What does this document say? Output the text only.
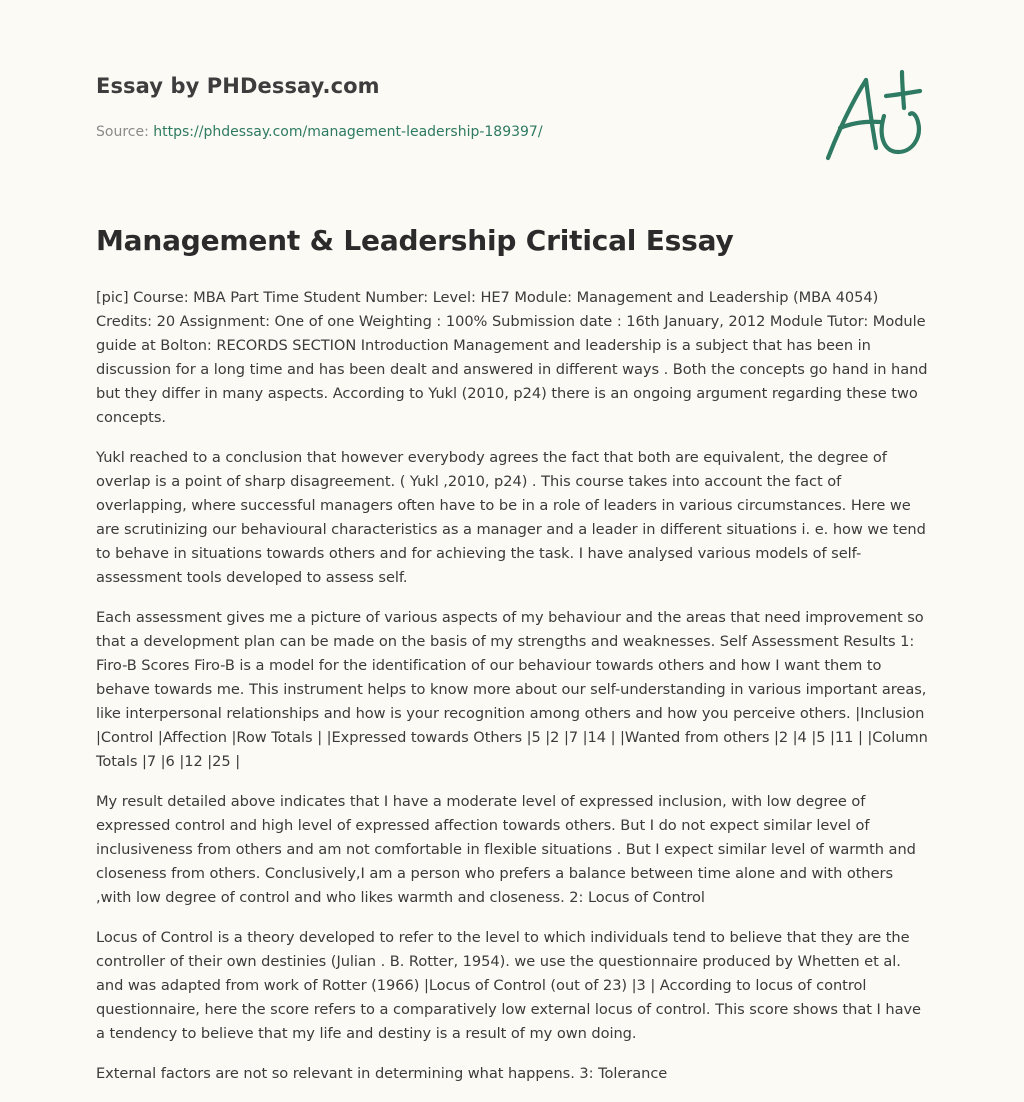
Essay by PHDessay.com
Source: https://phdessay.com/management-leadership-189397/
Management & Leadership Critical Essay

[pic] Course: MBA Part Time Student Number: Level: HE7 Module: Management and Leadership (MBA 4054) Credits: 20 Assignment: One of one Weighting : 100% Submission date : 16th January, 2012 Module Tutor: Module guide at Bolton: RECORDS SECTION Introduction Management and leadership is a subject that has been in discussion for a long time and has been dealt and answered in different ways . Both the concepts go hand in hand but they differ in many aspects. According to Yukl (2010, p24) there is an ongoing argument regarding these two concepts.

Yukl reached to a conclusion that however everybody agrees the fact that both are equivalent, the degree of overlap is a point of sharp disagreement. ( Yukl ,2010, p24) . This course takes into account the fact of overlapping, where successful managers often have to be in a role of leaders in various circumstances. Here we are scrutinizing our behavioural characteristics as a manager and a leader in different situations i. e. how we tend to behave in situations towards others and for achieving the task. I have analysed various models of self-assessment tools developed to assess self.

Each assessment gives me a picture of various aspects of my behaviour and the areas that need improvement so that a development plan can be made on the basis of my strengths and weaknesses. Self Assessment Results 1: Firo-B Scores Firo-B is a model for the identification of our behaviour towards others and how I want them to behave towards me. This instrument helps to know more about our self-understanding in various important areas, like interpersonal relationships and how is your recognition among others and how you perceive others. |Inclusion |Control |Affection |Row Totals | |Expressed towards Others |5 |2 |7 |14 | |Wanted from others |2 |4 |5 |11 | |Column Totals |7 |6 |12 |25 |

My result detailed above indicates that I have a moderate level of expressed inclusion, with low degree of expressed control and high level of expressed affection towards others. But I do not expect similar level of inclusiveness from others and am not comfortable in flexible situations . But I expect similar level of warmth and closeness from others. Conclusively,I am a person who prefers a balance between time alone and with others ,with low degree of control and who likes warmth and closeness. 2: Locus of Control

Locus of Control is a theory developed to refer to the level to which individuals tend to believe that they are the controller of their own destinies (Julian . B. Rotter, 1954). we use the questionnaire produced by Whetten et al. and was adapted from work of Rotter (1966) |Locus of Control (out of 23) |3 | According to locus of control questionnaire, here the score refers to a comparatively low external locus of control. This score shows that I have a tendency to believe that my life and destiny is a result of my own doing.

External factors are not so relevant in determining what happens. 3: Tolerance
